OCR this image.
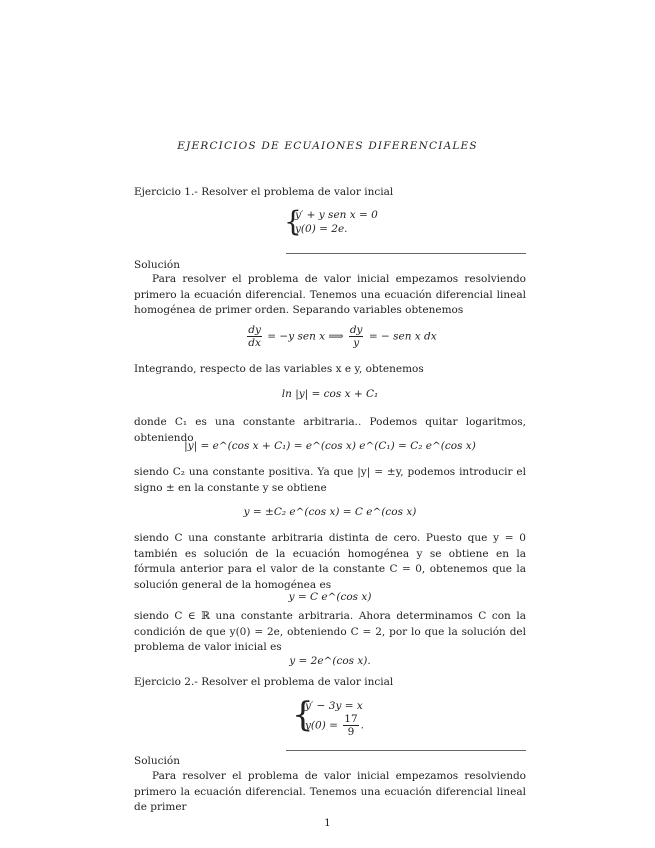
EJERCICIOS DE ECUAIONES DIFERENCIALES
Ejercicio 1.- Resolver el problema de valor incial
{
y′ + y sen x = 0
y(0) = 2e.
Solución

Para resolver el problema de valor inicial empezamos resolviendo primero la ecuación diferencial. Tenemos una ecuación diferencial lineal homogénea de primer orden. Separando variables obtenemos

$\frac{dy}{dx} = -y$ sen x ⟹ $\frac{dy}{y}$ = − sen x dx

Integrando, respecto de las variables x e y, obtenemos

ln |y| = cos x + C₁

donde C₁ es una constante arbitraria.. Podemos quitar logaritmos, obteniendo

|y| = e^(cos x + C₁) = e^(cos x) e^(C₁) = C₂ e^(cos x)

siendo C₂ una constante positiva. Ya que |y| = ±y, podemos introducir el signo ± en la constante y se obtiene

y = ±C₂ e^(cos x) = C e^(cos x)

siendo C una constante arbitraria distinta de cero. Puesto que y = 0 también es solución de la ecuación homogénea y se obtiene en la fórmula anterior para el valor de la constante C = 0, obtenemos que la solución general de la homogénea es

y = C e^(cos x)

siendo C ∈ ℝ una constante arbitraria. Ahora determinamos C con la condición de que y(0) = 2e, obteniendo C = 2, por lo que la solución del problema de valor inicial es

y = 2e^(cos x).
Ejercicio 2.- Resolver el problema de valor incial
{
y′ − 3y = x
$y(0) = \frac{17}{9}$ .
Solución

Para resolver el problema de valor inicial empezamos resolviendo primero la ecuación diferencial. Tenemos una ecuación diferencial lineal de primer

1
